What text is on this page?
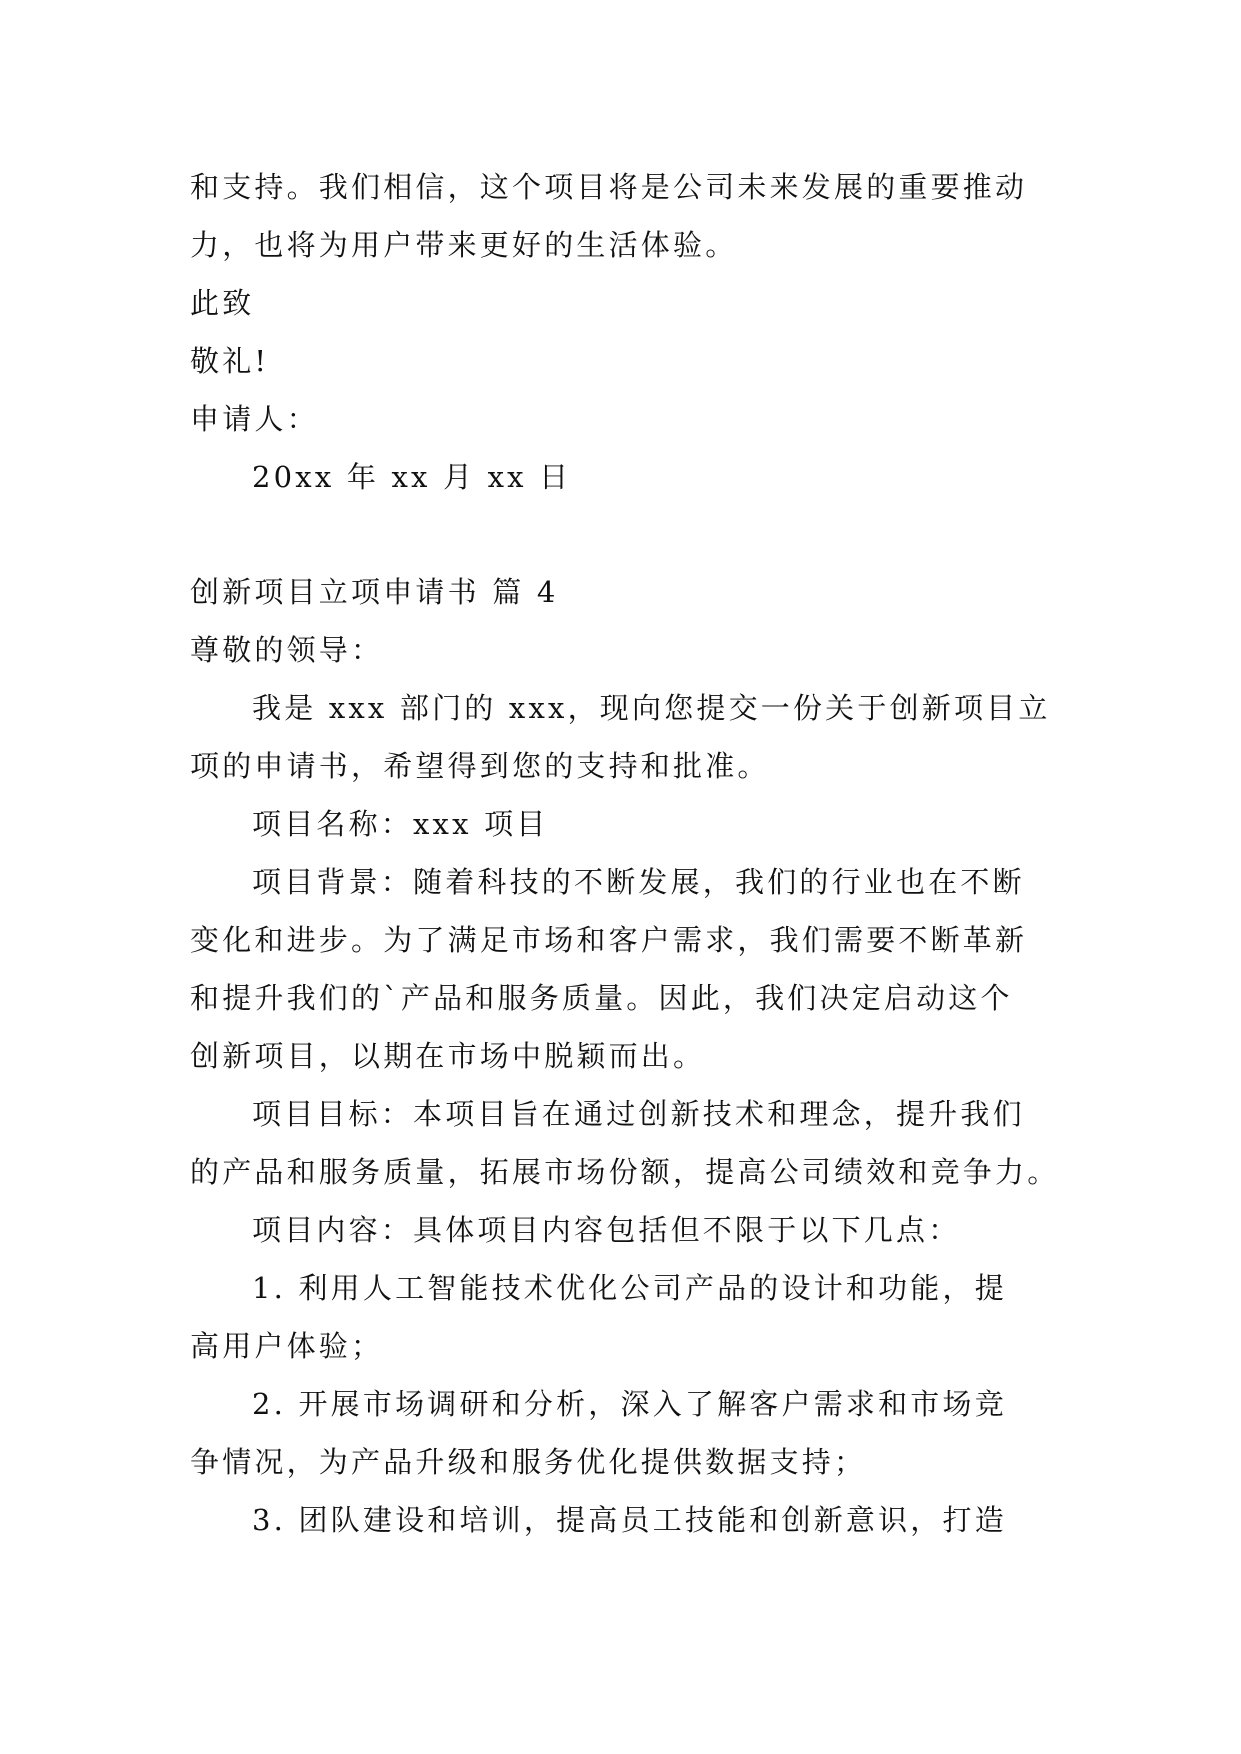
和支持。我们相信，这个项目将是公司未来发展的重要推动
力，也将为用户带来更好的生活体验。
此致
敬礼!
申请人：
20xx 年 xx 月 xx 日
创新项目立项申请书 篇 4
尊敬的领导：
我是 xxx 部门的 xxx，现向您提交一份关于创新项目立
项的申请书，希望得到您的支持和批准。
项目名称：xxx 项目
项目背景：随着科技的不断发展，我们的行业也在不断
变化和进步。为了满足市场和客户需求，我们需要不断革新
和提升我们的`产品和服务质量。因此，我们决定启动这个
创新项目，以期在市场中脱颖而出。
项目目标：本项目旨在通过创新技术和理念，提升我们
的产品和服务质量，拓展市场份额，提高公司绩效和竞争力。
项目内容：具体项目内容包括但不限于以下几点：
1. 利用人工智能技术优化公司产品的设计和功能，提
高用户体验；
2. 开展市场调研和分析，深入了解客户需求和市场竞
争情况，为产品升级和服务优化提供数据支持；
3. 团队建设和培训，提高员工技能和创新意识，打造
